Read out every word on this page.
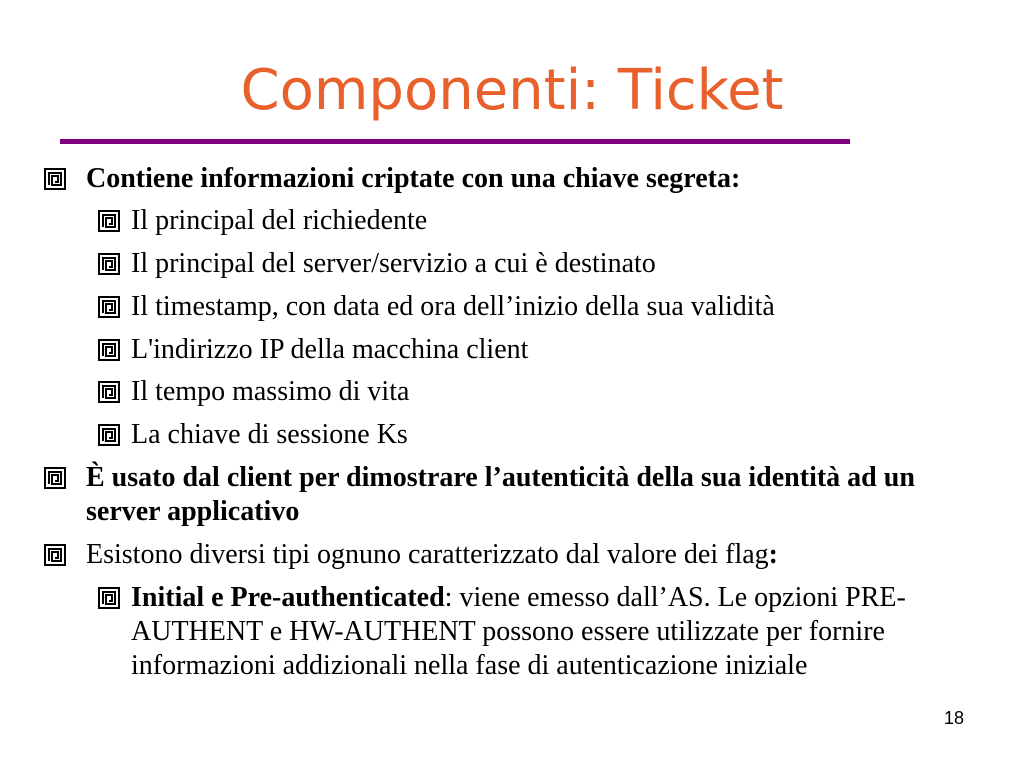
Componenti: Ticket
Contiene informazioni criptate con una chiave segreta:
Il principal del richiedente
Il principal del server/servizio a cui è destinato
Il timestamp, con data ed ora dell’inizio della sua validità
L'indirizzo IP della macchina client
Il tempo massimo di vita
La chiave di sessione Ks
È usato dal client per dimostrare l’autenticità della sua identità ad un server applicativo
Esistono diversi tipi ognuno caratterizzato dal valore dei flag:
Initial e Pre-authenticated: viene emesso dall’AS. Le opzioni PRE-AUTHENT e HW-AUTHENT possono essere utilizzate per fornire informazioni addizionali nella fase di autenticazione iniziale
18
